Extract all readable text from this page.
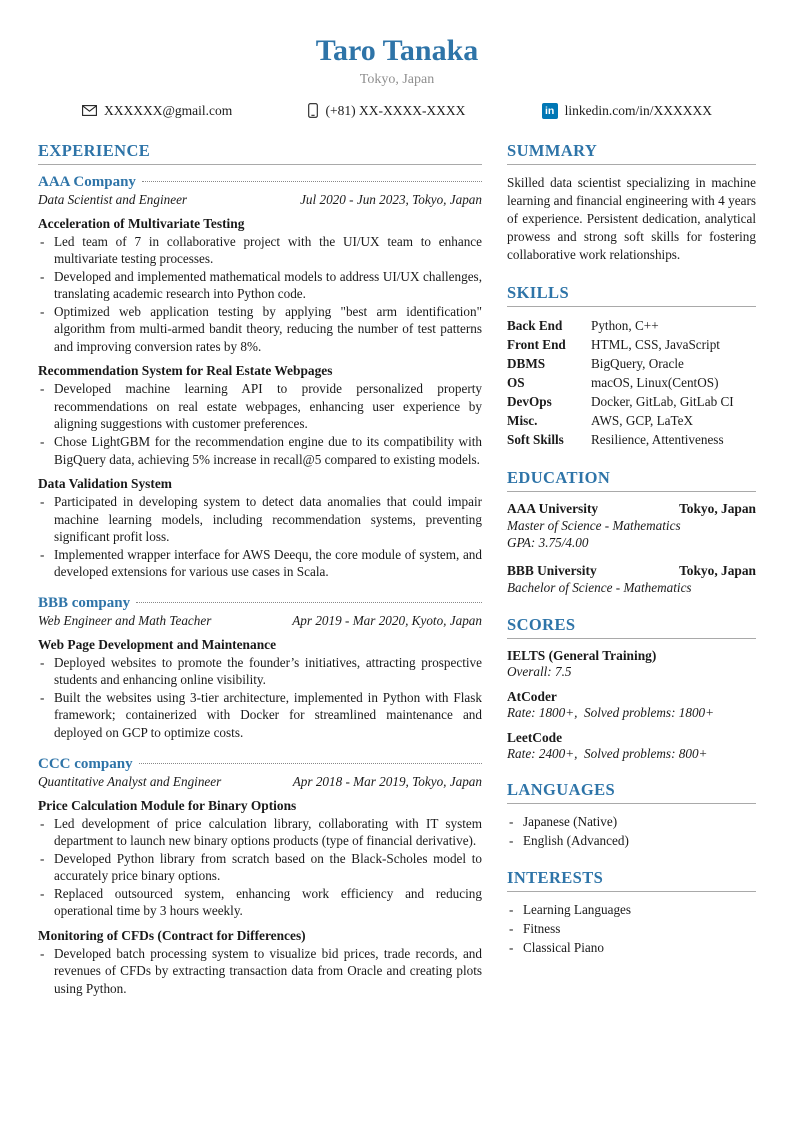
Taro Tanaka
Tokyo, Japan
XXXXXX@gmail.com	(+81) XX-XXXX-XXXX	in linkedin.com/in/XXXXXX
EXPERIENCE
AAA Company
Data Scientist and Engineer	Jul 2020 - Jun 2023, Tokyo, Japan
Acceleration of Multivariate Testing
- Led team of 7 in collaborative project with the UI/UX team to enhance multivariate testing processes.
- Developed and implemented mathematical models to address UI/UX challenges, translating academic research into Python code.
- Optimized web application testing by applying "best arm identification" algorithm from multi-armed bandit theory, reducing the number of test patterns and improving conversion rates by 8%.
Recommendation System for Real Estate Webpages
- Developed machine learning API to provide personalized property recommendations on real estate webpages, enhancing user experience by aligning suggestions with customer preferences.
- Chose LightGBM for the recommendation engine due to its compatibility with BigQuery data, achieving 5% increase in recall@5 compared to existing models.
Data Validation System
- Participated in developing system to detect data anomalies that could impair machine learning models, including recommendation systems, preventing significant profit loss.
- Implemented wrapper interface for AWS Deequ, the core module of system, and developed extensions for various use cases in Scala.
BBB company
Web Engineer and Math Teacher	Apr 2019 - Mar 2020, Kyoto, Japan
Web Page Development and Maintenance
- Deployed websites to promote the founder’s initiatives, attracting prospective students and enhancing online visibility.
- Built the websites using 3-tier architecture, implemented in Python with Flask framework; containerized with Docker for streamlined maintenance and deployed on GCP to optimize costs.
CCC company
Quantitative Analyst and Engineer	Apr 2018 - Mar 2019, Tokyo, Japan
Price Calculation Module for Binary Options
- Led development of price calculation library, collaborating with IT system department to launch new binary options products (type of financial derivative).
- Developed Python library from scratch based on the Black-Scholes model to accurately price binary options.
- Replaced outsourced system, enhancing work efficiency and reducing operational time by 3 hours weekly.
Monitoring of CFDs (Contract for Differences)
- Developed batch processing system to visualize bid prices, trade records, and revenues of CFDs by extracting transaction data from Oracle and creating plots using Python.
SUMMARY

Skilled data scientist specializing in machine learning and financial engineering with 4 years of experience. Persistent dedication, analytical prowess and strong soft skills for fostering collaborative work relationships.

SKILLS
Back End	Python, C++
Front End	HTML, CSS, JavaScript
DBMS	BigQuery, Oracle
OS	macOS, Linux(CentOS)
DevOps	Docker, GitLab, GitLab CI
Misc.	AWS, GCP, LaTeX
Soft Skills	Resilience, Attentiveness
EDUCATION
AAA University	Tokyo, Japan
Master of Science - Mathematics
GPA: 3.75/4.00
BBB University	Tokyo, Japan
Bachelor of Science - Mathematics
SCORES
IELTS (General Training)
Overall: 7.5
AtCoder
Rate: 1800+,  Solved problems: 1800+
LeetCode
Rate: 2400+,  Solved problems: 800+
LANGUAGES
- Japanese (Native)
- English (Advanced)
INTERESTS
- Learning Languages
- Fitness
- Classical Piano
